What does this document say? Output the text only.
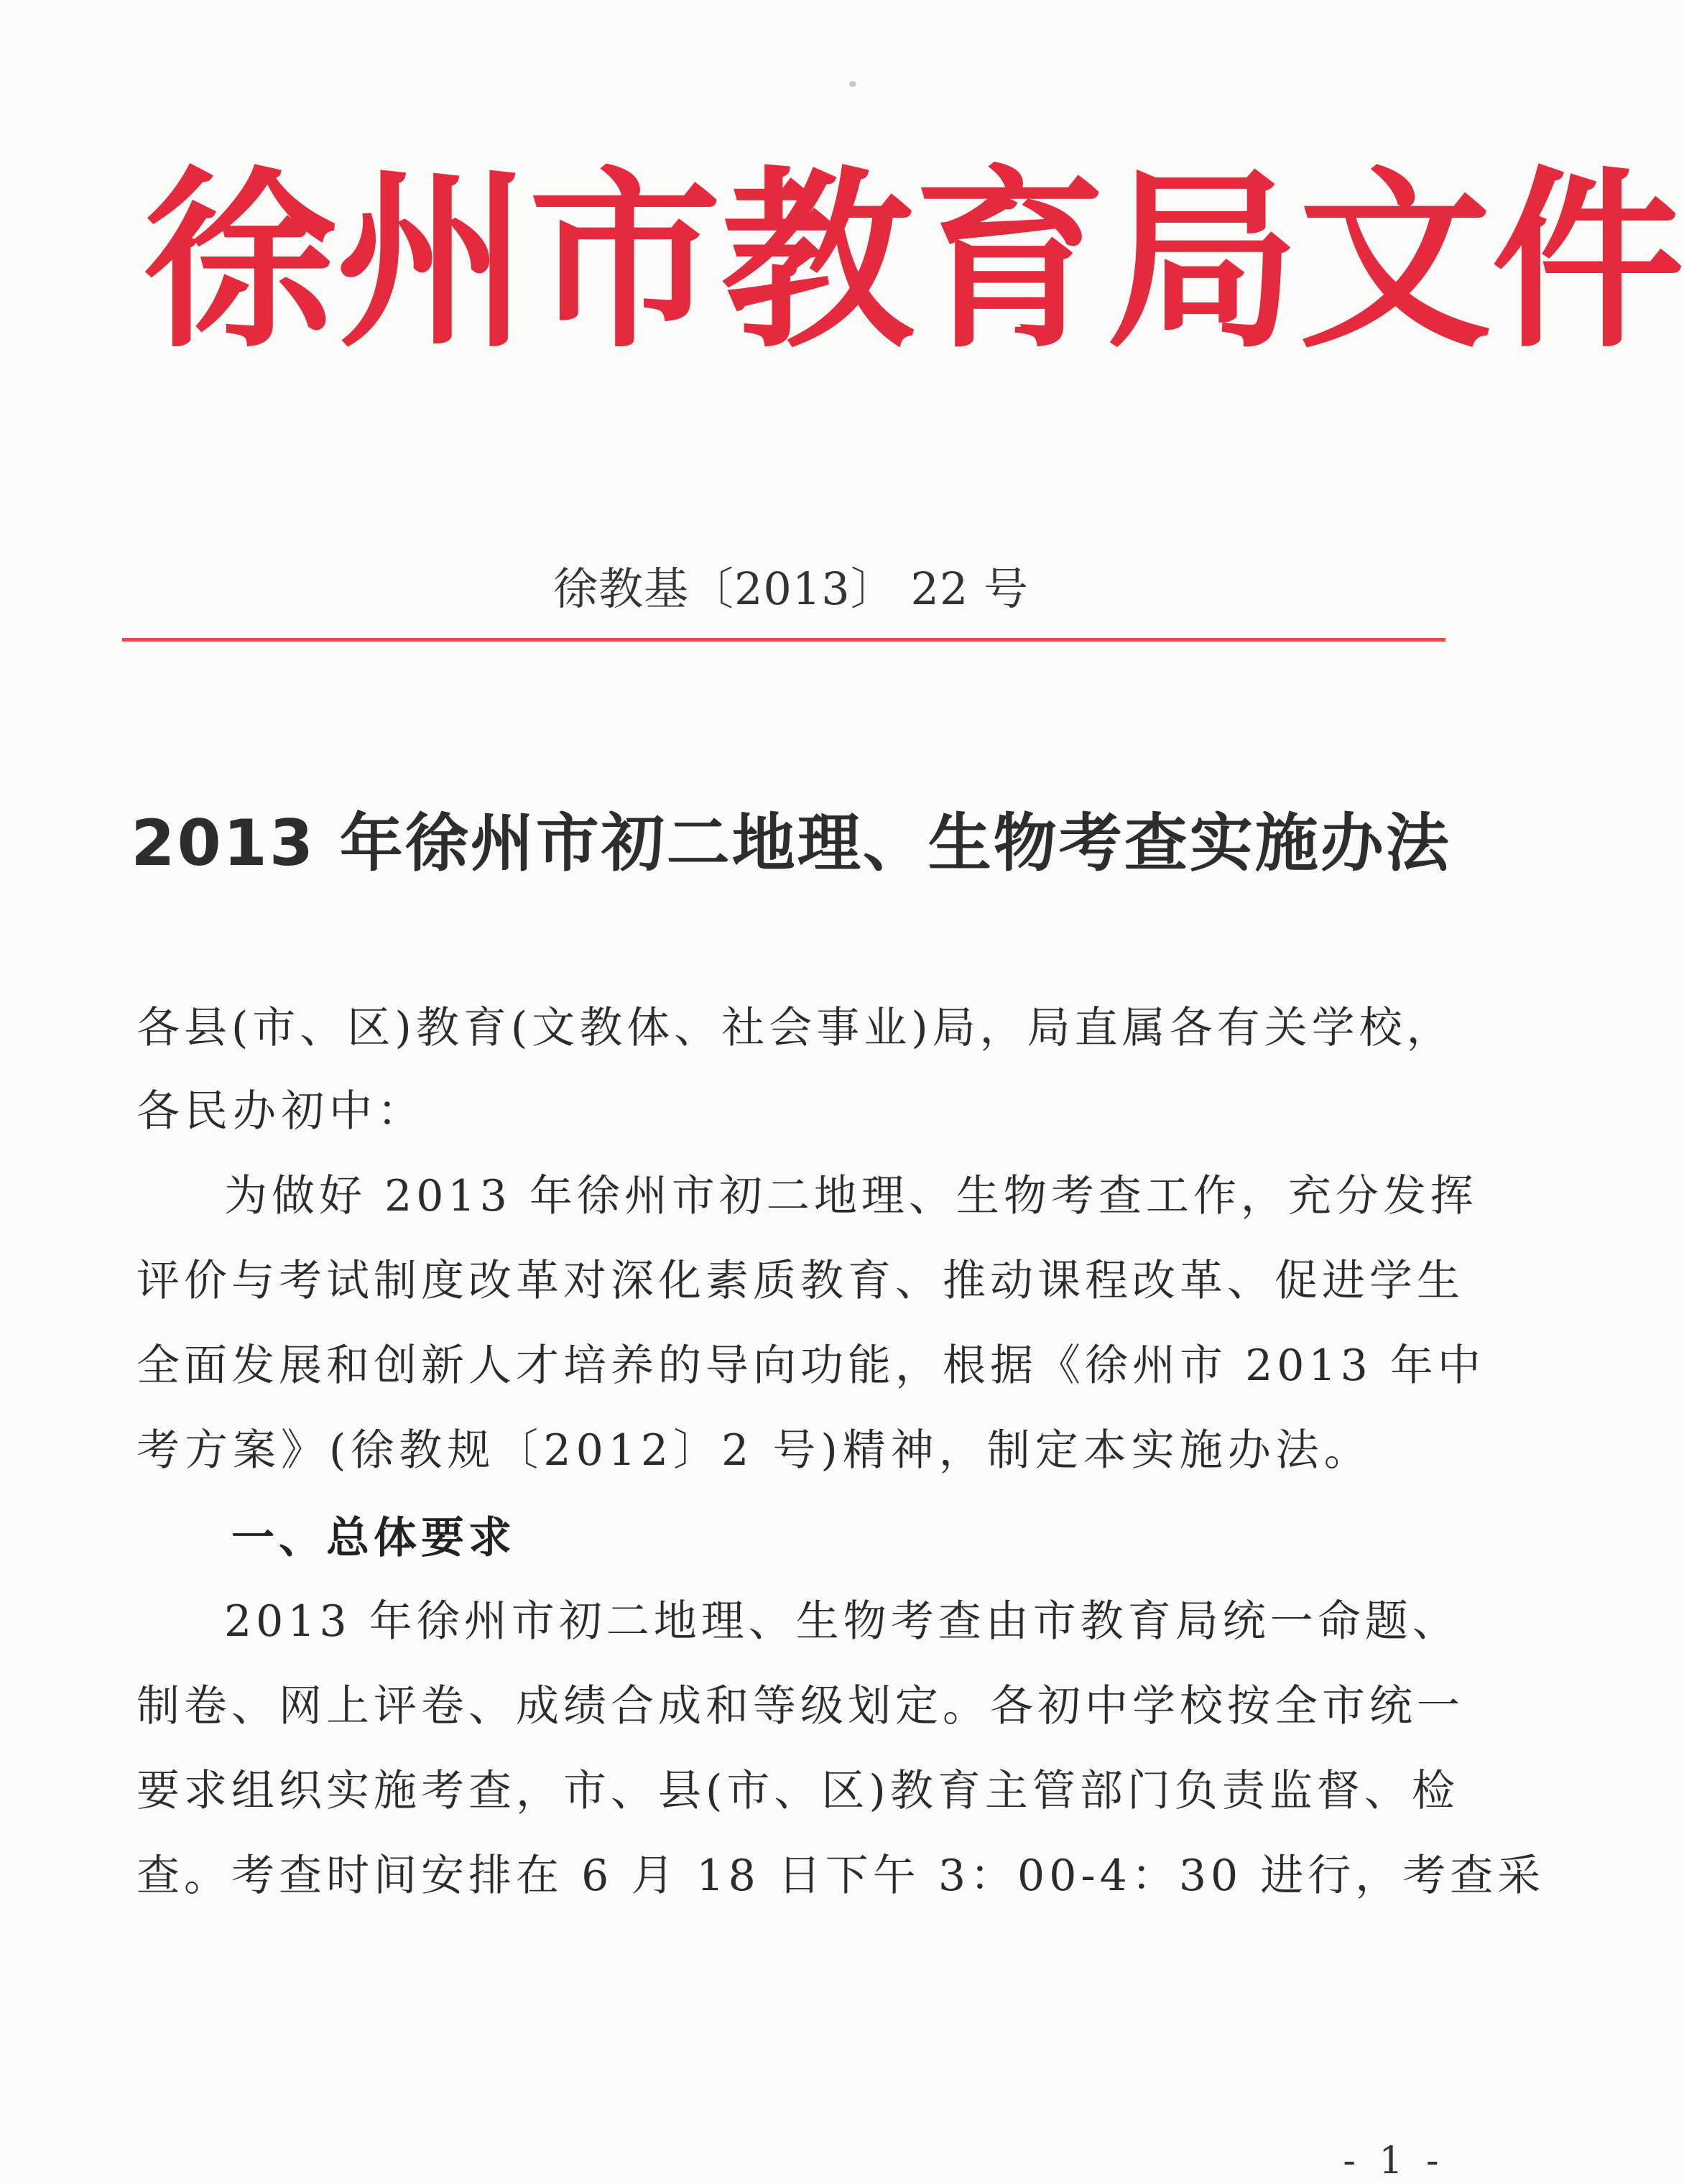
徐 州 市 教 育 局 文 件
徐教基〔2013〕 22 号
2013 年徐州市初二地理、生物考查实施办法
各县(市、区)教育(文教体、社会事业)局，局直属各有关学校，
各民办初中：
为做好 2013 年徐州市初二地理、生物考查工作，充分发挥
评价与考试制度改革对深化素质教育、推动课程改革、促进学生
全面发展和创新人才培养的导向功能，根据《徐州市 2013 年中
考方案》(徐教规〔2012〕2 号)精神，制定本实施办法。
一、总体要求
2013 年徐州市初二地理、生物考查由市教育局统一命题、
制卷、网上评卷、成绩合成和等级划定。各初中学校按全市统一
要求组织实施考查，市、县(市、区)教育主管部门负责监督、检
查。考查时间安排在 6 月 18 日下午 3：00-4：30 进行，考查采
- 1 -
